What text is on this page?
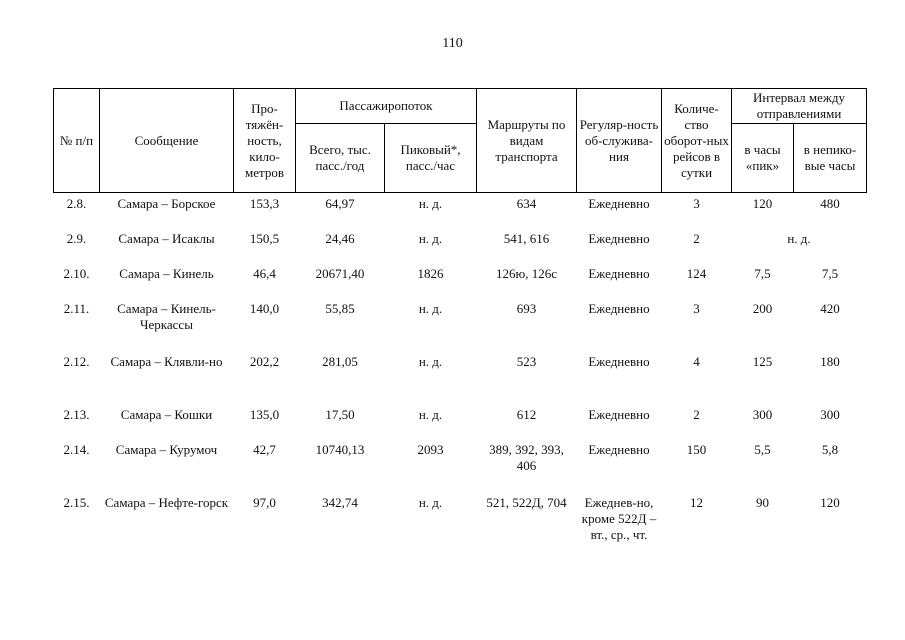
110
№ п/п	Сообщение	Про-тяжён-ность, кило-метров	Пассажиропоток		Маршруты по видам транспорта	Регуляр-ность об-служива-ния	Количе-ство оборот-ных рейсов в сутки	Интервал между отправлениями	
			Всего, тыс. пасс./год	Пиковый*, пасс./час				в часы «пик»	в непико-вые часы
2.8.	Самара – Борское	153,3	64,97	н. д.	634	Ежедневно	3	120	480
2.9.	Самара – Исаклы	150,5	24,46	н. д.	541, 616	Ежедневно	2	н. д.	
2.10.	Самара – Кинель	46,4	20671,40	1826	126ю, 126с	Ежедневно	124	7,5	7,5
2.11.	Самара – Кинель-Черкассы	140,0	55,85	н. д.	693	Ежедневно	3	200	420
2.12.	Самара – Клявли-но	202,2	281,05	н. д.	523	Ежедневно	4	125	180
2.13.	Самара – Кошки	135,0	17,50	н. д.	612	Ежедневно	2	300	300
2.14.	Самара – Курумоч	42,7	10740,13	2093	389, 392, 393, 406	Ежедневно	150	5,5	5,8
2.15.	Самара – Нефте-горск	97,0	342,74	н. д.	521, 522Д, 704	Ежеднев-но, кроме 522Д – вт., ср., чт.	12	90	120
